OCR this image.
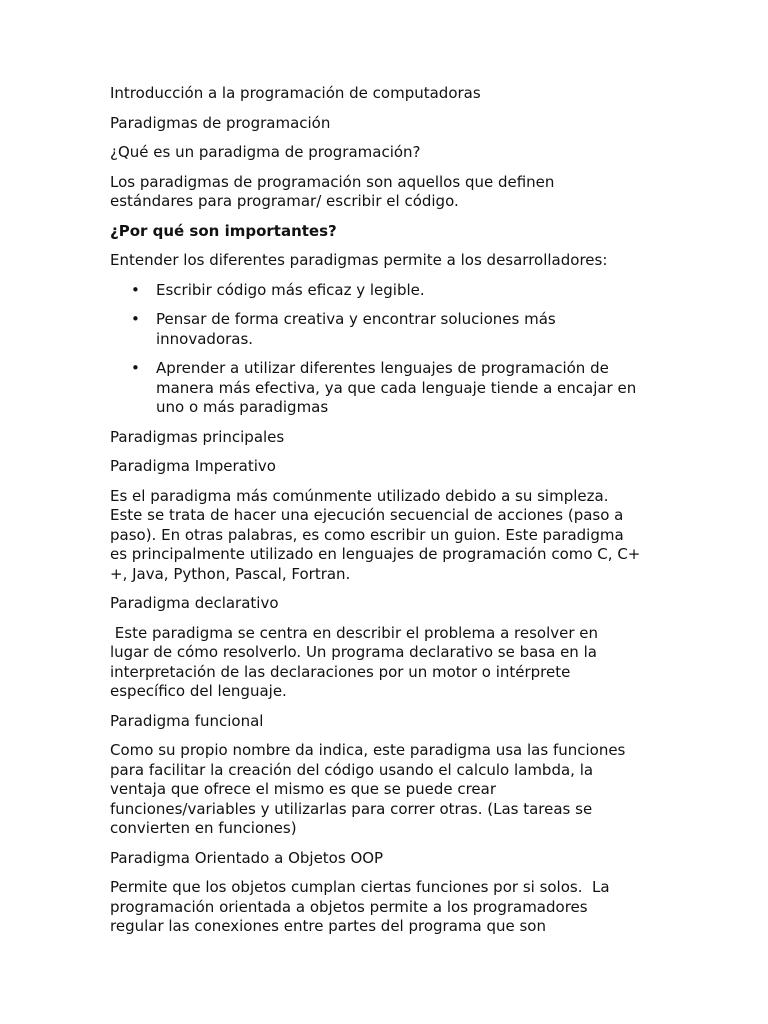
Introducción a la programación de computadoras

Paradigmas de programación

¿Qué es un paradigma de programación?

Los paradigmas de programación son aquellos que definen
estándares para programar/ escribir el código.

¿Por qué son importantes?

Entender los diferentes paradigmas permite a los desarrolladores:

• Escribir código más eficaz y legible.
• Pensar de forma creativa y encontrar soluciones más
innovadoras.
• Aprender a utilizar diferentes lenguajes de programación de
manera más efectiva, ya que cada lenguaje tiende a encajar en
uno o más paradigmas

Paradigmas principales

Paradigma Imperativo

Es el paradigma más comúnmente utilizado debido a su simpleza.
Este se trata de hacer una ejecución secuencial de acciones (paso a
paso). En otras palabras, es como escribir un guion. Este paradigma
es principalmente utilizado en lenguajes de programación como C, C+
+, Java, Python, Pascal, Fortran.

Paradigma declarativo

Este paradigma se centra en describir el problema a resolver en
lugar de cómo resolverlo. Un programa declarativo se basa en la
interpretación de las declaraciones por un motor o intérprete
específico del lenguaje.

Paradigma funcional

Como su propio nombre da indica, este paradigma usa las funciones
para facilitar la creación del código usando el calculo lambda, la
ventaja que ofrece el mismo es que se puede crear
funciones/variables y utilizarlas para correr otras. (Las tareas se
convierten en funciones)

Paradigma Orientado a Objetos OOP

Permite que los objetos cumplan ciertas funciones por si solos.  La
programación orientada a objetos permite a los programadores
regular las conexiones entre partes del programa que son
